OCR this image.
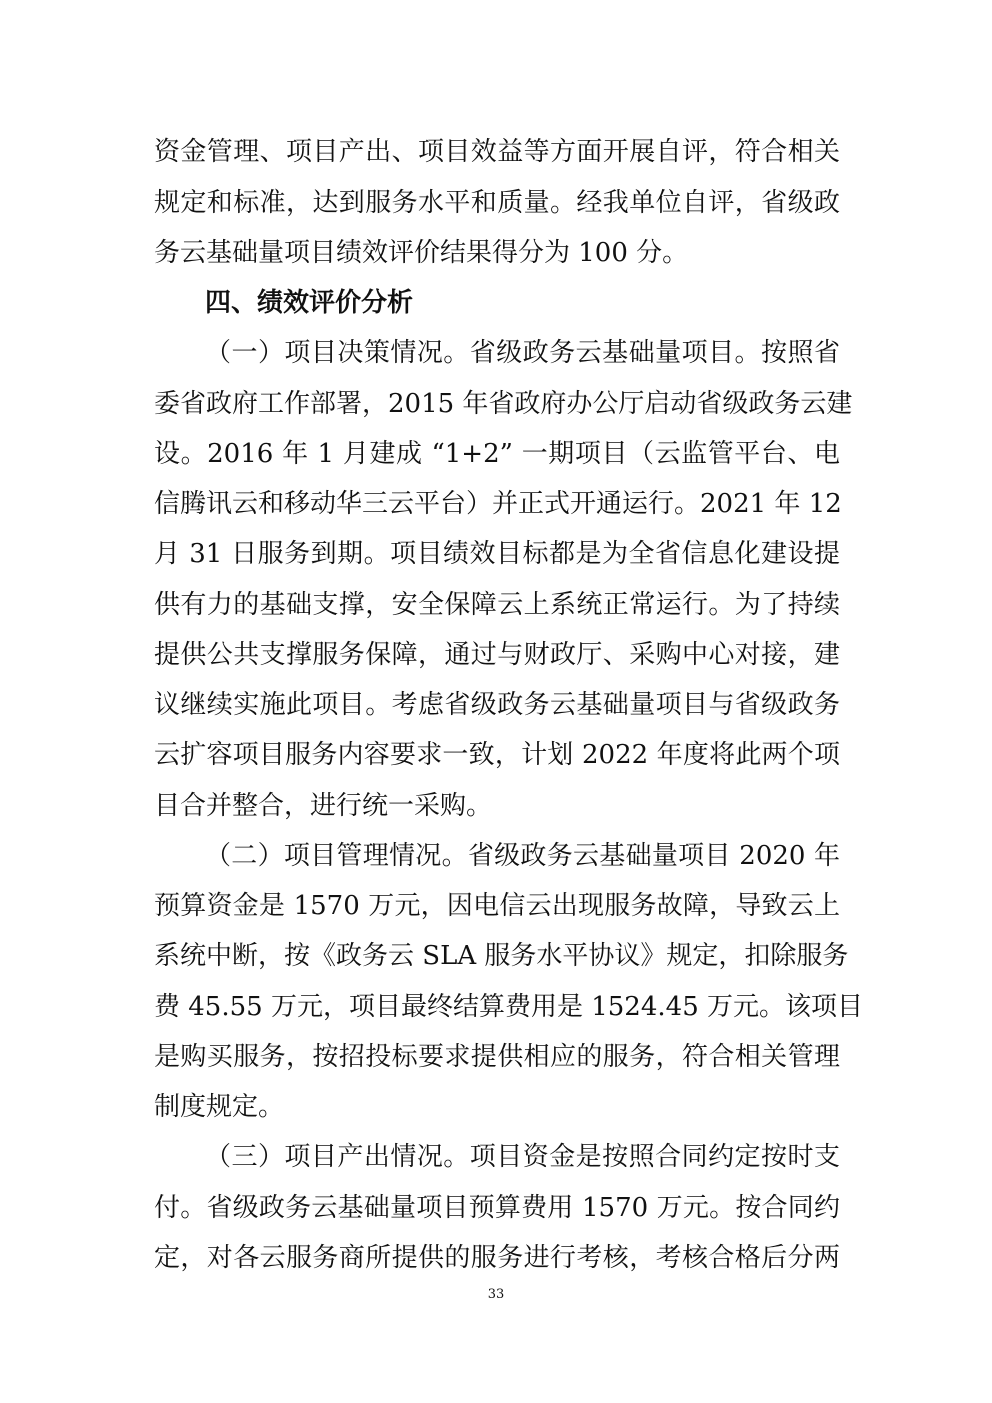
资金管理、项目产出、项目效益等方面开展自评，符合相关
规定和标准，达到服务水平和质量。经我单位自评，省级政
务云基础量项目绩效评价结果得分为 100 分。
四、绩效评价分析
（一）项目决策情况。省级政务云基础量项目。按照省
委省政府工作部署，2015 年省政府办公厅启动省级政务云建
设。2016 年 1 月建成 “1+2” 一期项目（云监管平台、电
信腾讯云和移动华三云平台）并正式开通运行。2021 年 12
月 31 日服务到期。项目绩效目标都是为全省信息化建设提
供有力的基础支撑，安全保障云上系统正常运行。为了持续
提供公共支撑服务保障，通过与财政厅、采购中心对接，建
议继续实施此项目。考虑省级政务云基础量项目与省级政务
云扩容项目服务内容要求一致，计划 2022 年度将此两个项
目合并整合，进行统一采购。
（二）项目管理情况。省级政务云基础量项目 2020 年
预算资金是 1570 万元，因电信云出现服务故障，导致云上
系统中断，按《政务云 SLA 服务水平协议》规定，扣除服务
费 45.55 万元，项目最终结算费用是 1524.45 万元。该项目
是购买服务，按招投标要求提供相应的服务，符合相关管理
制度规定。
（三）项目产出情况。项目资金是按照合同约定按时支
付。省级政务云基础量项目预算费用 1570 万元。按合同约
定，对各云服务商所提供的服务进行考核，考核合格后分两
33
